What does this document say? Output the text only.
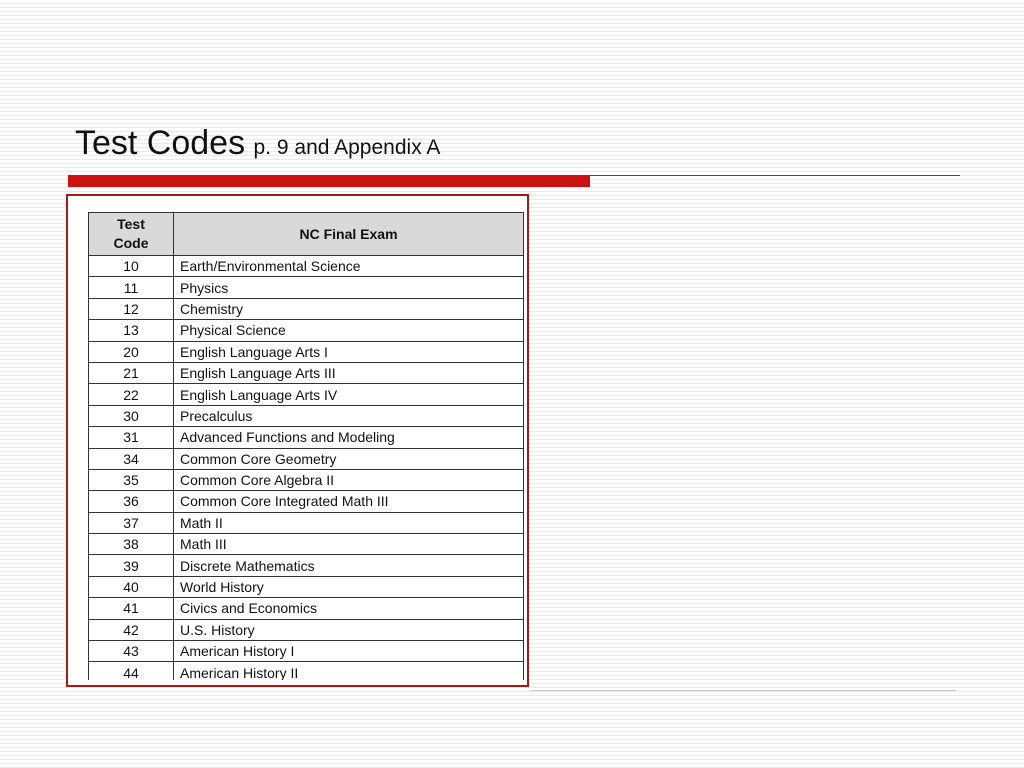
Test Codes p. 9 and Appendix A
Test
Code	NC Final Exam
10	Earth/Environmental Science
11	Physics
12	Chemistry
13	Physical Science
20	English Language Arts I
21	English Language Arts III
22	English Language Arts IV
30	Precalculus
31	Advanced Functions and Modeling
34	Common Core Geometry
35	Common Core Algebra II
36	Common Core Integrated Math III
37	Math II
38	Math III
39	Discrete Mathematics
40	World History
41	Civics and Economics
42	U.S. History
43	American History I
44	American History II
